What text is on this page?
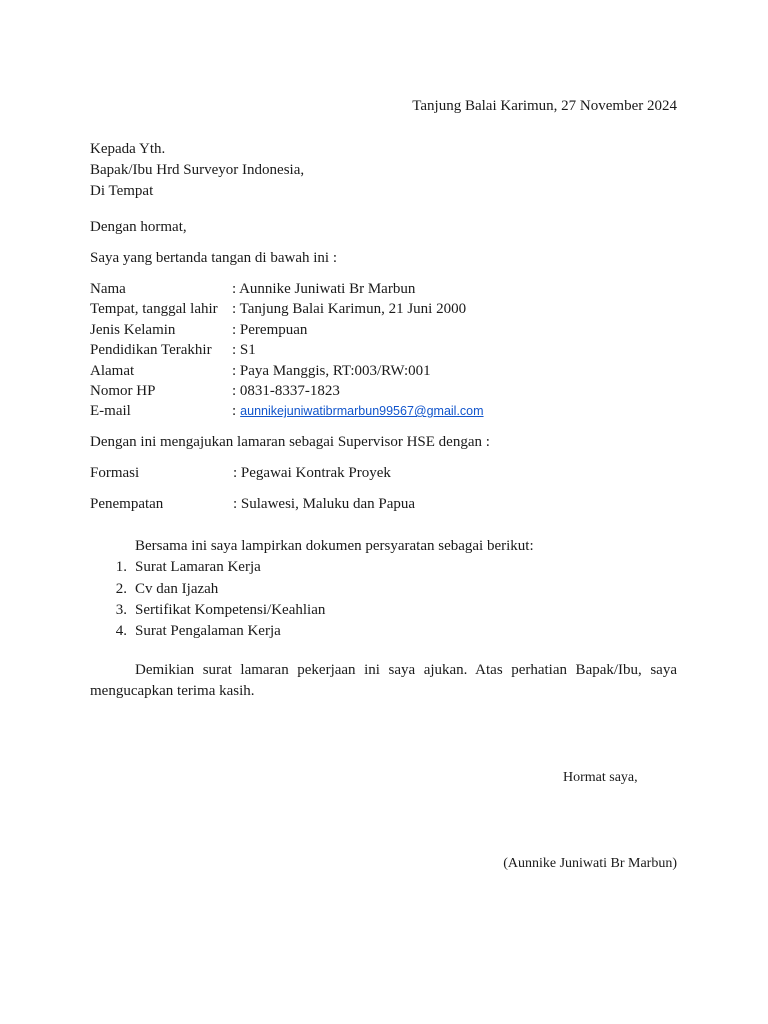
Tanjung Balai Karimun, 27 November 2024
Kepada Yth.
Bapak/Ibu Hrd Surveyor Indonesia,
Di Tempat
Dengan hormat,
Saya yang bertanda tangan di bawah ini :
Nama	: Aunnike Juniwati Br Marbun
Tempat, tanggal lahir : Tanjung Balai Karimun, 21 Juni 2000
Jenis Kelamin	: Perempuan
Pendidikan Terakhir : S1
Alamat	: Paya Manggis, RT:003/RW:001
Nomor HP	: 0831-8337-1823
E-mail	: aunnikejuniwatibrmarbun99567@gmail.com
Dengan ini mengajukan lamaran sebagai Supervisor HSE dengan :
Formasi	: Pegawai Kontrak Proyek
Penempatan	: Sulawesi, Maluku dan Papua
Bersama ini saya lampirkan dokumen persyaratan sebagai berikut:
1. Surat Lamaran Kerja
2. Cv dan Ijazah
3. Sertifikat Kompetensi/Keahlian
4. Surat Pengalaman Kerja
Demikian surat lamaran pekerjaan ini saya ajukan. Atas perhatian Bapak/Ibu, saya mengucapkan terima kasih.
Hormat saya,
(Aunnike Juniwati Br Marbun)
